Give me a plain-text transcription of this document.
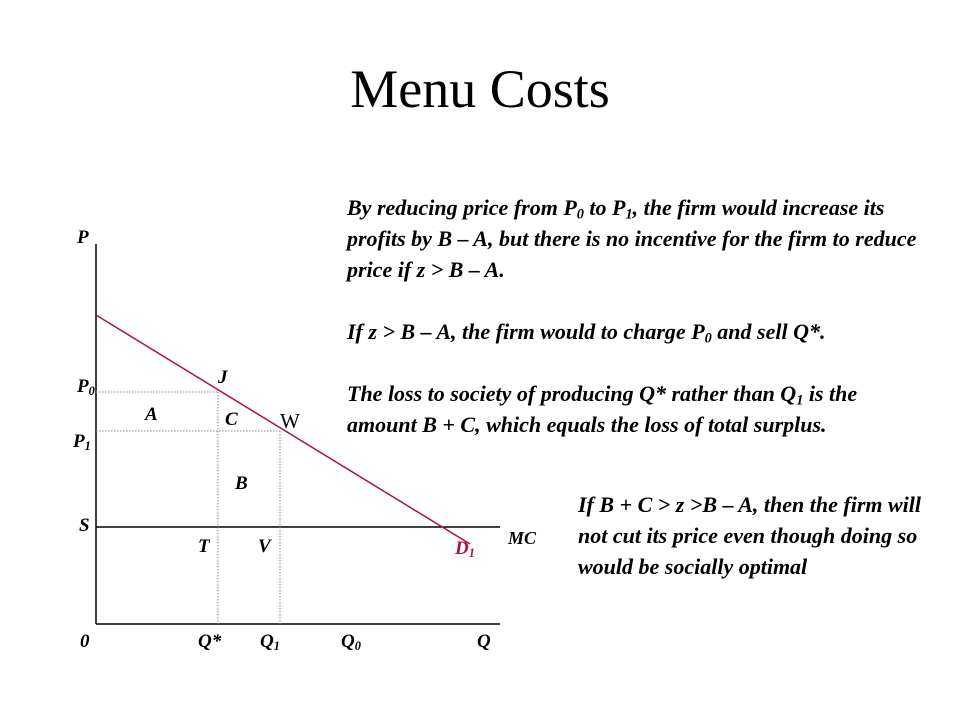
Menu Costs
P
$P_0$
$P_1$
S
0	Q* $Q_1$	$Q_0$	Q
J
A	C W
B
T	V	$D_1$
MC

By reducing price from $P_0$ to $P_1$, the firm would increase its profits by B – A, but there is no incentive for the firm to reduce price if z > B – A.

If z > B – A, the firm would to charge $P_0$ and sell Q*.

The loss to society of producing Q* rather than $Q_1$ is the amount B + C, which equals the loss of total surplus.

If B + C > z >B – A, then the firm will not cut its price even though doing so would be socially optimal
